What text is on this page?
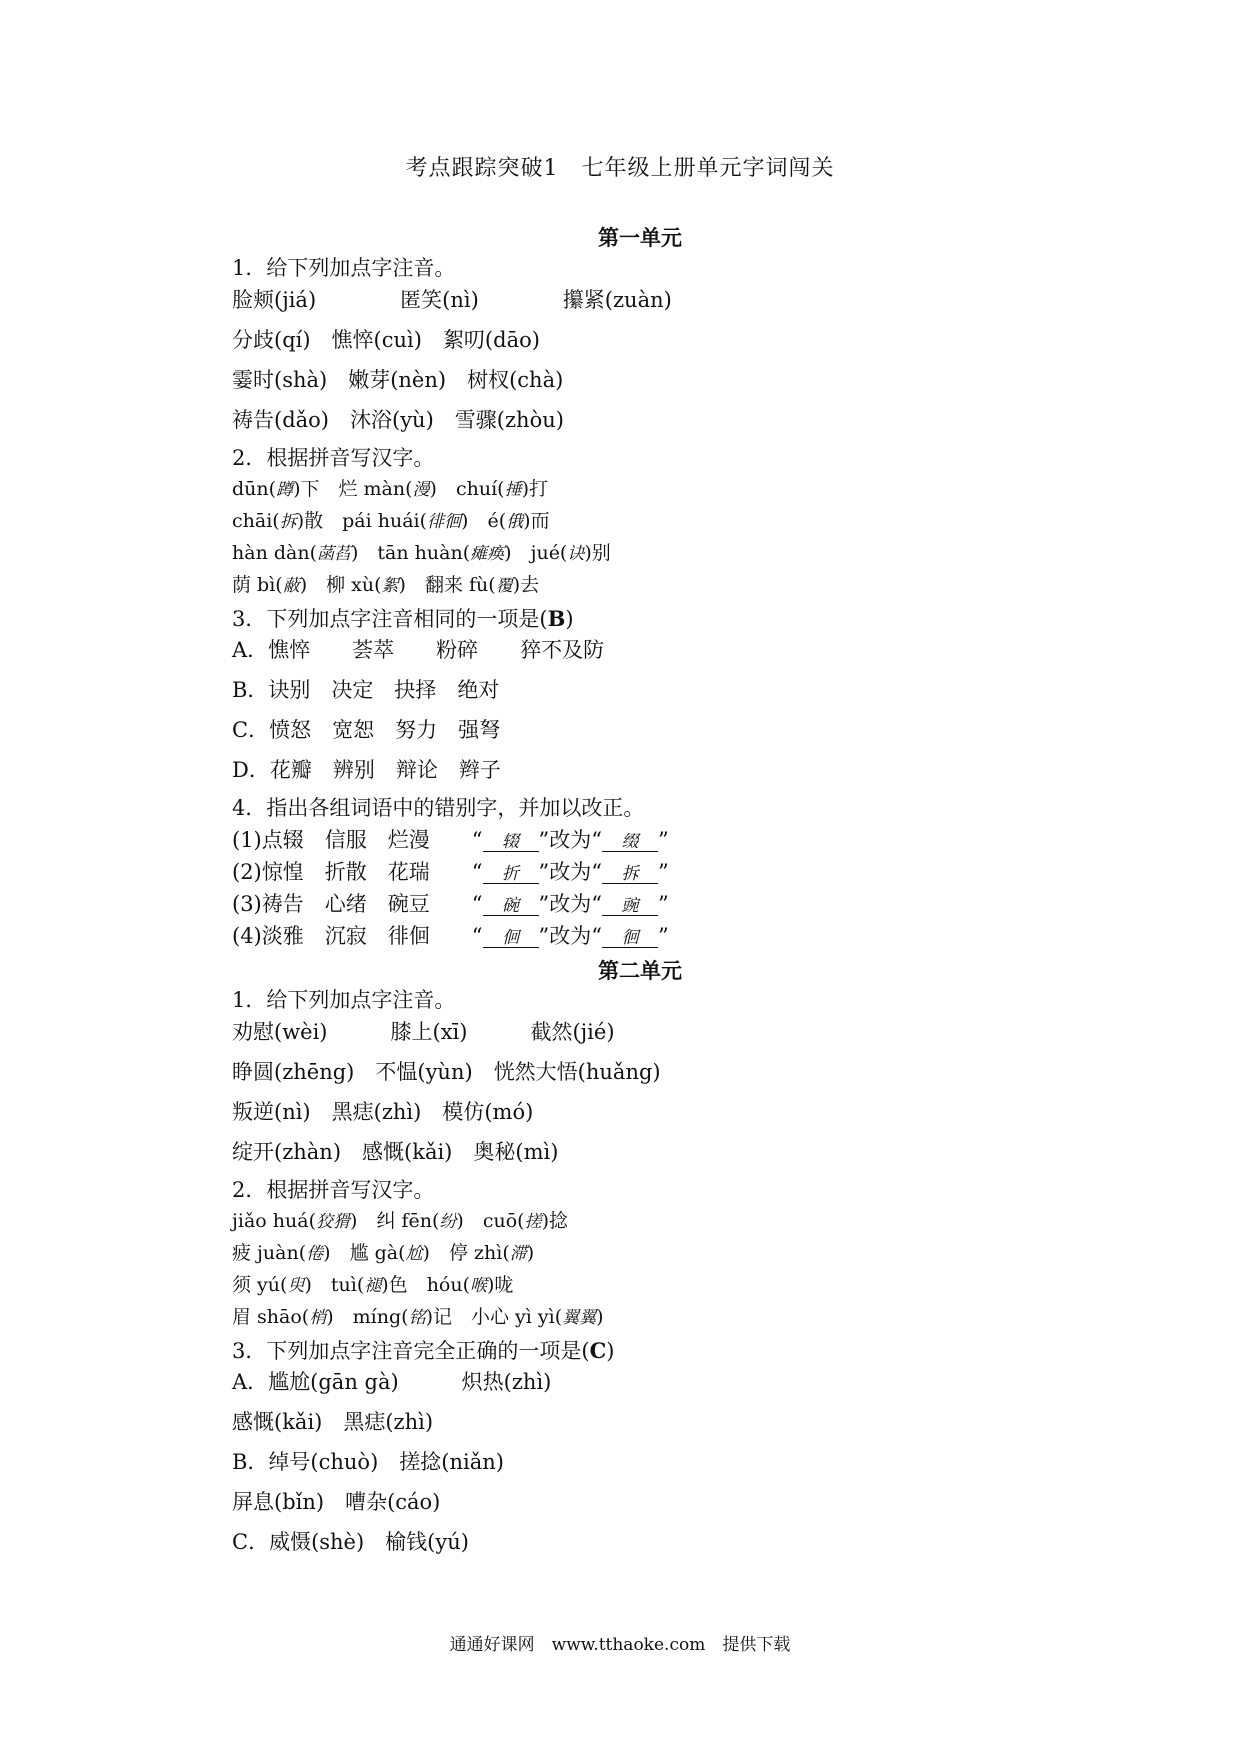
考点跟踪突破1　七年级上册单元字词闯关
第一单元
1．给下列加点字注音。
脸颊(jiá)　　　　	匿笑(nì)　　　　	攥紧(zuàn)
分歧(qí)　 憔悴(cuì)　 絮叨(dāo)
霎时(shà)　 嫩芽(nèn)　 树杈(chà)
祷告(dǎo)　 沐浴(yù)　 雪骤(zhòu)
2．根据拼音写汉字。
dūn(蹲)下　 烂 màn(漫)　 chuí(捶)打
chāi(拆)散　 pái huái(徘徊)　 é(俄)而
hàn dàn(菡萏)　 tān huàn(瘫痪)　 jué(诀)别
荫 bì(蔽)　 柳 xù(絮)　 翻来 fù(覆)去
3．下列加点字注音相同的一项是(B)
A．憔悴　　荟萃　　粉碎　　猝不及防
B．诀别　决定　抉择　绝对
C．愤怒　宽恕　努力　强弩
D．花瓣　辨别　辩论　辫子
4．指出各组词语中的错别字，并加以改正。
(1)点辍　信服　烂漫　　“ 辍 ”改为“ 缀 ”
(2)惊惶　折散　花瑞　　“ 折 ”改为“ 拆 ”
(3)祷告　心绪　碗豆　　“ 碗 ”改为“ 豌 ”
(4)淡雅　沉寂　徘佪　　“ 佪 ”改为“ 徊 ”
第二单元
1．给下列加点字注音。
劝慰(wèi)　　　	膝上(xī)　　　	截然(jié)
睁圆(zhēng)　 不愠(yùn)　 恍然大悟(huǎng)
叛逆(nì)　 黑痣(zhì)　 模仿(mó)
绽开(zhàn)　 感慨(kǎi)　 奥秘(mì)
2．根据拼音写汉字。
jiǎo huá(狡猾)　 纠 fēn(纷)　 cuō(搓)捻
疲 juàn(倦)　 尴 gà(尬)　 停 zhì(滞)
须 yú(臾)　 tuì(褪)色　 hóu(喉)咙
眉 shāo(梢)　 míng(铭)记　 小心 yì yì(翼翼)
3．下列加点字注音完全正确的一项是(C)
A．尴尬(gān gà)　　　炽热(zhì)
感慨(kǎi)　黑痣(zhì)
B．绰号(chuò)　搓捻(niǎn)
屏息(bǐn)　嘈杂(cáo)
C．威慑(shè)　榆钱(yú)
通通好课网　www.tthaoke.com　提供下载
